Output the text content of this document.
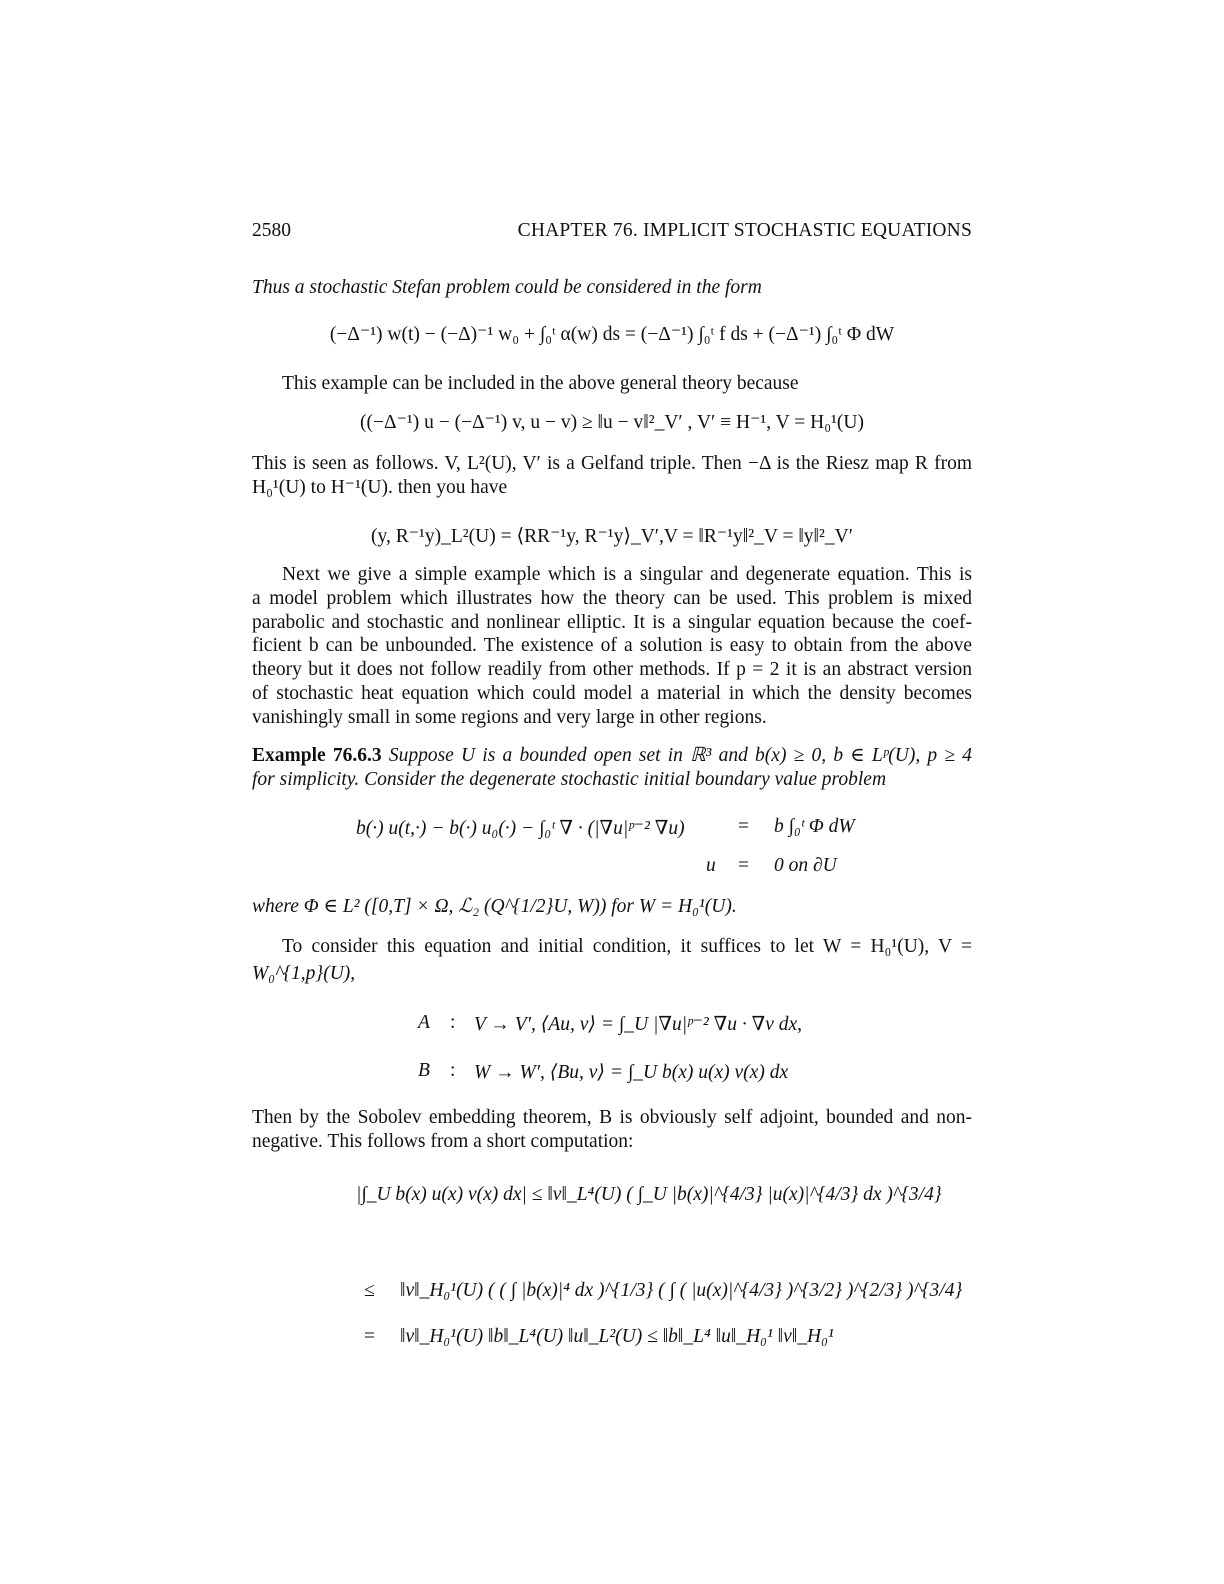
2580	CHAPTER 76. IMPLICIT STOCHASTIC EQUATIONS
Thus a stochastic Stefan problem could be considered in the form
(−Δ⁻¹) w(t) − (−Δ)⁻¹ w₀ + ∫₀ᵗ α(w) ds = (−Δ⁻¹) ∫₀ᵗ f ds + (−Δ⁻¹) ∫₀ᵗ Φ dW
This example can be included in the above general theory because
((−Δ⁻¹) u − (−Δ⁻¹) v, u − v) ≥ ‖u − v‖²_V′ , V′ ≡ H⁻¹, V = H₀¹(U)
This is seen as follows. V, L²(U), V′ is a Gelfand triple. Then −Δ is the Riesz map R from
H₀¹(U) to H⁻¹(U). then you have
(y, R⁻¹y)_L²(U) = ⟨RR⁻¹y, R⁻¹y⟩_V′,V = ‖R⁻¹y‖²_V = ‖y‖²_V′
Next we give a simple example which is a singular and degenerate equation. This is
a model problem which illustrates how the theory can be used. This problem is mixed
parabolic and stochastic and nonlinear elliptic. It is a singular equation because the coef-
ficient b can be unbounded. The existence of a solution is easy to obtain from the above
theory but it does not follow readily from other methods. If p = 2 it is an abstract version
of stochastic heat equation which could model a material in which the density becomes
vanishingly small in some regions and very large in other regions.
Example 76.6.3 Suppose U is a bounded open set in ℝ³ and b(x) ≥ 0, b ∈ Lᵖ(U), p ≥ 4
for simplicity. Consider the degenerate stochastic initial boundary value problem
b(·) u(t,·) − b(·) u₀(·) − ∫₀ᵗ ∇ · (|∇u|ᵖ⁻² ∇u)	= b ∫₀ᵗ Φ dW
u = 0 on ∂U
where Φ ∈ L² ([0,T] × Ω, ℒ₂ (Q^{1/2}U, W)) for W = H₀¹(U).
To consider this equation and initial condition, it suffices to let W = H₀¹(U), V =
W₀^{1,p}(U),
A : V → V′, ⟨Au, v⟩ = ∫_U |∇u|ᵖ⁻² ∇u · ∇v dx,
B : W → W′, ⟨Bu, v⟩ = ∫_U b(x) u(x) v(x) dx
Then by the Sobolev embedding theorem, B is obviously self adjoint, bounded and non-
negative. This follows from a short computation:
|∫_U b(x) u(x) v(x) dx| ≤ ‖v‖_L⁴(U) ( ∫_U |b(x)|^{4/3} |u(x)|^{4/3} dx )^{3/4}
≤ ‖v‖_H₀¹(U) ( ( ∫ |b(x)|⁴ dx )^{1/3} ( ∫ ( |u(x)|^{4/3} )^{3/2} )^{2/3} )^{3/4}
= ‖v‖_H₀¹(U) ‖b‖_L⁴(U) ‖u‖_L²(U) ≤ ‖b‖_L⁴ ‖u‖_H₀¹ ‖v‖_H₀¹
